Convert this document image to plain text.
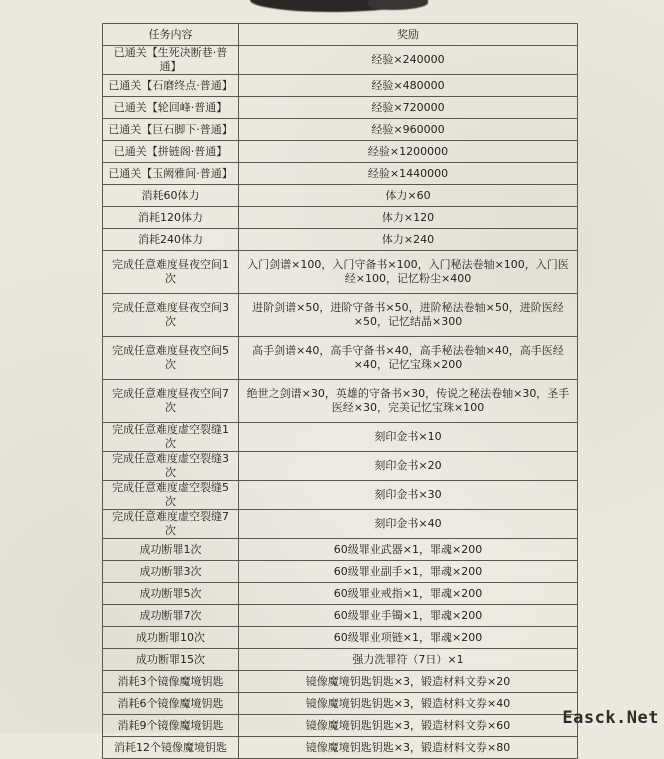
任务内容	奖励
已通关【生死决断巷·普通】	经验×240000
已通关【石磨终点·普通】	经验×480000
已通关【轮回峰·普通】	经验×720000
已通关【巨石脚下·普通】	经验×960000
已通关【拼链阁·普通】	经验×1200000
已通关【玉阙雅间·普通】	经验×1440000
消耗60体力	体力×60
消耗120体力	体力×120
消耗240体力	体力×240
完成任意难度昼夜空间1次	入门剑谱×100，入门守备书×100，入门秘法卷轴×100，入门医经×100，记忆粉尘×400
完成任意难度昼夜空间3次	进阶剑谱×50，进阶守备书×50，进阶秘法卷轴×50，进阶医经×50，记忆结晶×300
完成任意难度昼夜空间5次	高手剑谱×40，高手守备书×40，高手秘法卷轴×40，高手医经×40，记忆宝珠×200
完成任意难度昼夜空间7次	绝世之剑谱×30，英雄的守备书×30，传说之秘法卷轴×30，圣手医经×30，完美记忆宝珠×100
完成任意难度虚空裂缝1次	刻印金书×10
完成任意难度虚空裂缝3次	刻印金书×20
完成任意难度虚空裂缝5次	刻印金书×30
完成任意难度虚空裂缝7次	刻印金书×40
成功断罪1次	60级罪业武器×1，罪魂×200
成功断罪3次	60级罪业副手×1，罪魂×200
成功断罪5次	60级罪业戒指×1，罪魂×200
成功断罪7次	60级罪业手镯×1，罪魂×200
成功断罪10次	60级罪业项链×1，罪魂×200
成功断罪15次	强力洗罪符（7日）×1
消耗3个镜像魔境钥匙	镜像魔境钥匙钥匙×3，锻造材料文券×20
消耗6个镜像魔境钥匙	镜像魔境钥匙钥匙×3，锻造材料文券×40
消耗9个镜像魔境钥匙	镜像魔境钥匙钥匙×3，锻造材料文券×60
消耗12个镜像魔境钥匙	镜像魔境钥匙钥匙×3，锻造材料文券×80
Easck.Net
